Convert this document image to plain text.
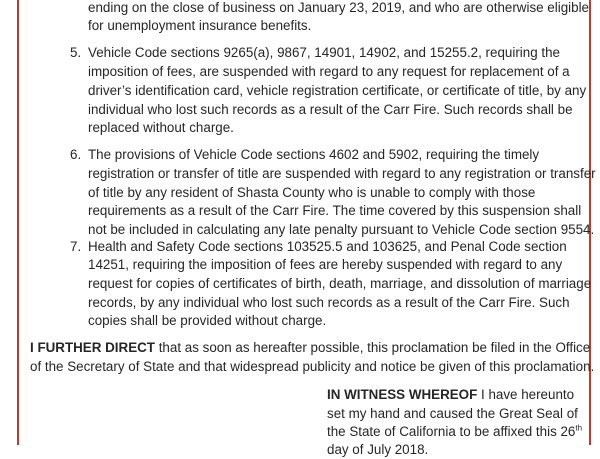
ending on the close of business on January 23, 2019, and who are otherwise eligible
for unemployment insurance benefits.
5. Vehicle Code sections 9265(a), 9867, 14901, 14902, and 15255.2, requiring the
imposition of fees, are suspended with regard to any request for replacement of a
driver’s identification card, vehicle registration certificate, or certificate of title, by any
individual who lost such records as a result of the Carr Fire. Such records shall be
replaced without charge.
6. The provisions of Vehicle Code sections 4602 and 5902, requiring the timely
registration or transfer of title are suspended with regard to any registration or transfer
of title by any resident of Shasta County who is unable to comply with those
requirements as a result of the Carr Fire. The time covered by this suspension shall
not be included in calculating any late penalty pursuant to Vehicle Code section 9554.
7. Health and Safety Code sections 103525.5 and 103625, and Penal Code section
14251, requiring the imposition of fees are hereby suspended with regard to any
request for copies of certificates of birth, death, marriage, and dissolution of marriage
records, by any individual who lost such records as a result of the Carr Fire. Such
copies shall be provided without charge.
I FURTHER DIRECT that as soon as hereafter possible, this proclamation be filed in the Office
of the Secretary of State and that widespread publicity and notice be given of this proclamation.
IN WITNESS WHEREOF I have hereunto
set my hand and caused the Great Seal of
the State of California to be affixed this 26th
day of July 2018.
